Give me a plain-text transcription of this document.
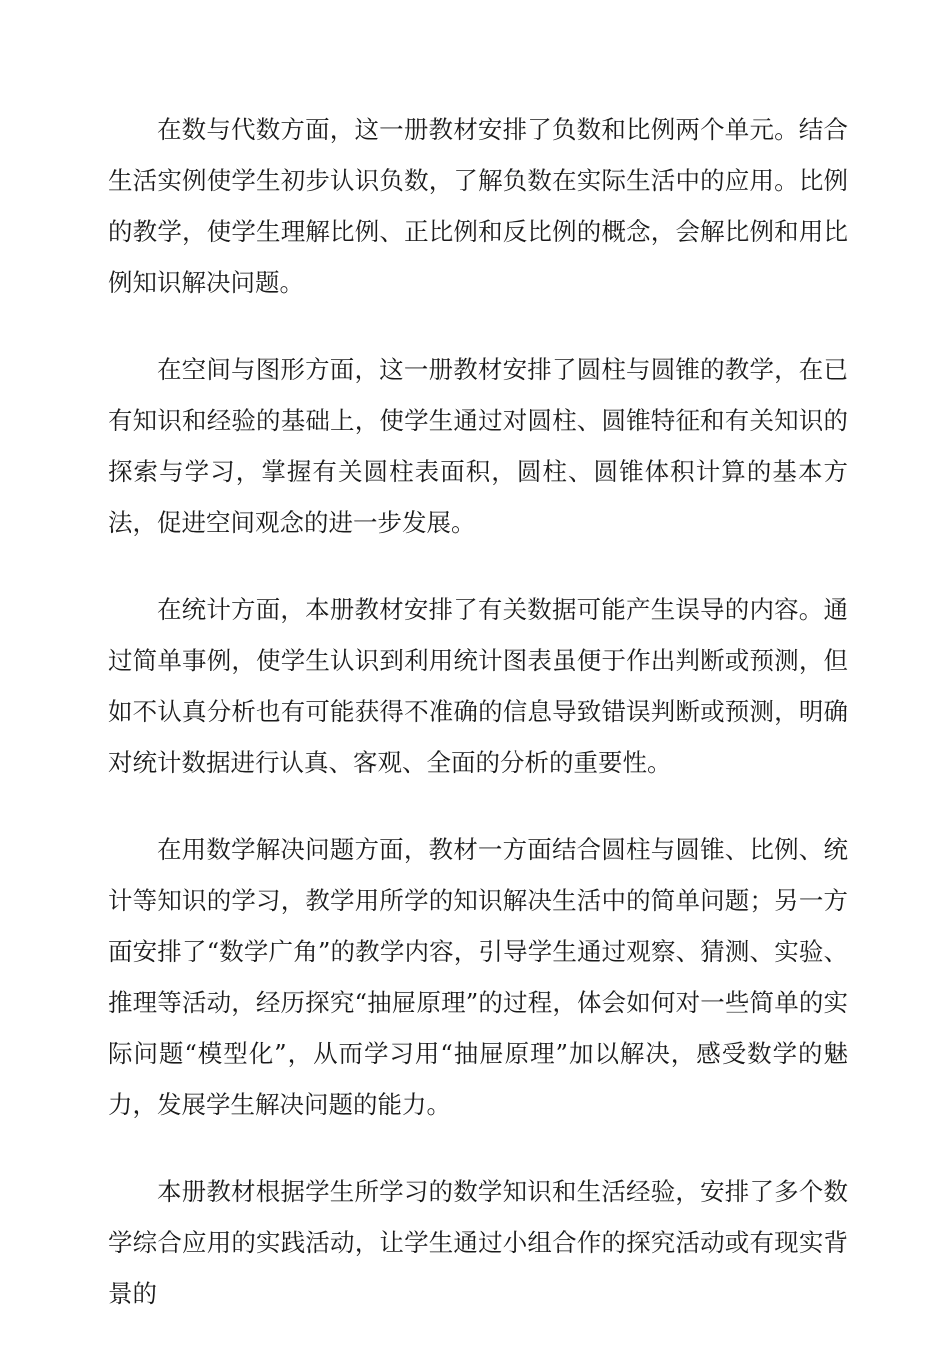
在数与代数方面，这一册教材安排了负数和比例两个单元。结合生活实例使学生初步认识负数，了解负数在实际生活中的应用。比例的教学，使学生理解比例、正比例和反比例的概念，会解比例和用比例知识解决问题。

在空间与图形方面，这一册教材安排了圆柱与圆锥的教学，在已有知识和经验的基础上，使学生通过对圆柱、圆锥特征和有关知识的探索与学习，掌握有关圆柱表面积，圆柱、圆锥体积计算的基本方法，促进空间观念的进一步发展。

在统计方面，本册教材安排了有关数据可能产生误导的内容。通过简单事例，使学生认识到利用统计图表虽便于作出判断或预测，但如不认真分析也有可能获得不准确的信息导致错误判断或预测，明确对统计数据进行认真、客观、全面的分析的重要性。

在用数学解决问题方面，教材一方面结合圆柱与圆锥、比例、统计等知识的学习，教学用所学的知识解决生活中的简单问题；另一方面安排了“数学广角”的教学内容，引导学生通过观察、猜测、实验、推理等活动，经历探究“抽屉原理”的过程，体会如何对一些简单的实际问题“模型化”，从而学习用“抽屉原理”加以解决，感受数学的魅力，发展学生解决问题的能力。

本册教材根据学生所学习的数学知识和生活经验，安排了多个数学综合应用的实践活动，让学生通过小组合作的探究活动或有现实背景的
